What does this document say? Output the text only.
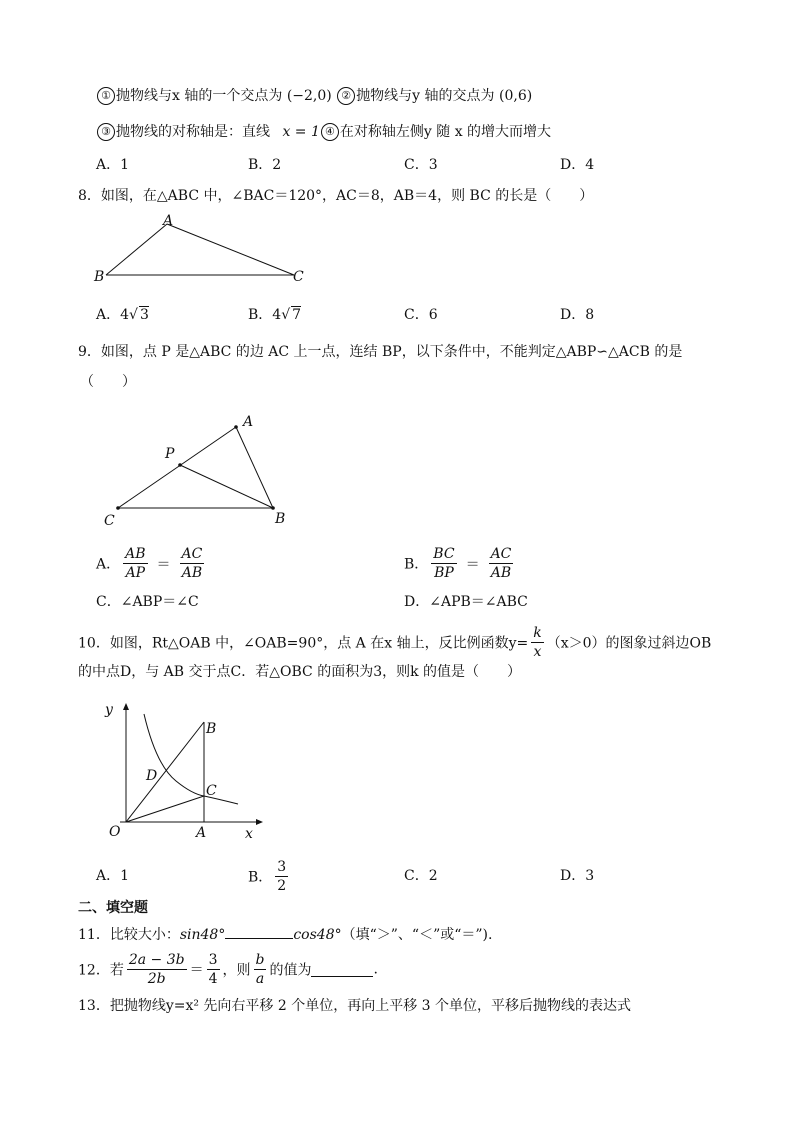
① 抛物线与x 轴的一个交点为 (−2,0) ② 抛物线与y 轴的交点为 (0,6)
③ 抛物线的对称轴是：直线 x = 1 ④ 在对称轴左侧y 随 x 的增大而增大
A．1	B．2	C．3	D．4
8．如图，在△ABC 中，∠BAC＝120°，AC＝8，AB＝4，则 BC 的长是（　　）
A
B	C
A．4√ 3	B．4√ 7	C．6	D．8
9．如图，点 P 是△ABC 的边 AC 上一点，连结 BP，以下条件中，不能判定△ABP∽△ACB 的是
（　　）
A
P
C	B
A． $\frac{AB}{AP} = \frac{AC}{AB}$	B． $\frac{BC}{BP} = \frac{AC}{AB}$
C．∠ABP＝∠C	D．∠APB＝∠ABC
10．如图，Rt△OAB 中，∠OAB=90°，点 A 在x 轴上，反比例函数$y= \frac{k}{x} (x>0)$的图象过斜边OB
的中点D，与 AB 交于点C．若△OBC 的面积为3，则k 的值是（　　）
y
x
O	A
B
C
D
A．1	B． $\frac{3}{2}$	C．2	D．3
二、填空题
11．比较大小：sin48°	cos48°（填“＞”、“＜”或“＝”).
12．若 $\frac{2a - 3b}{2b} = \frac{3}{4}$ ，则 $\frac{b}{a}$ 的值为	.
13．把抛物线y=x² 先向右平移 2 个单位，再向上平移 3 个单位，平移后抛物线的表达式
